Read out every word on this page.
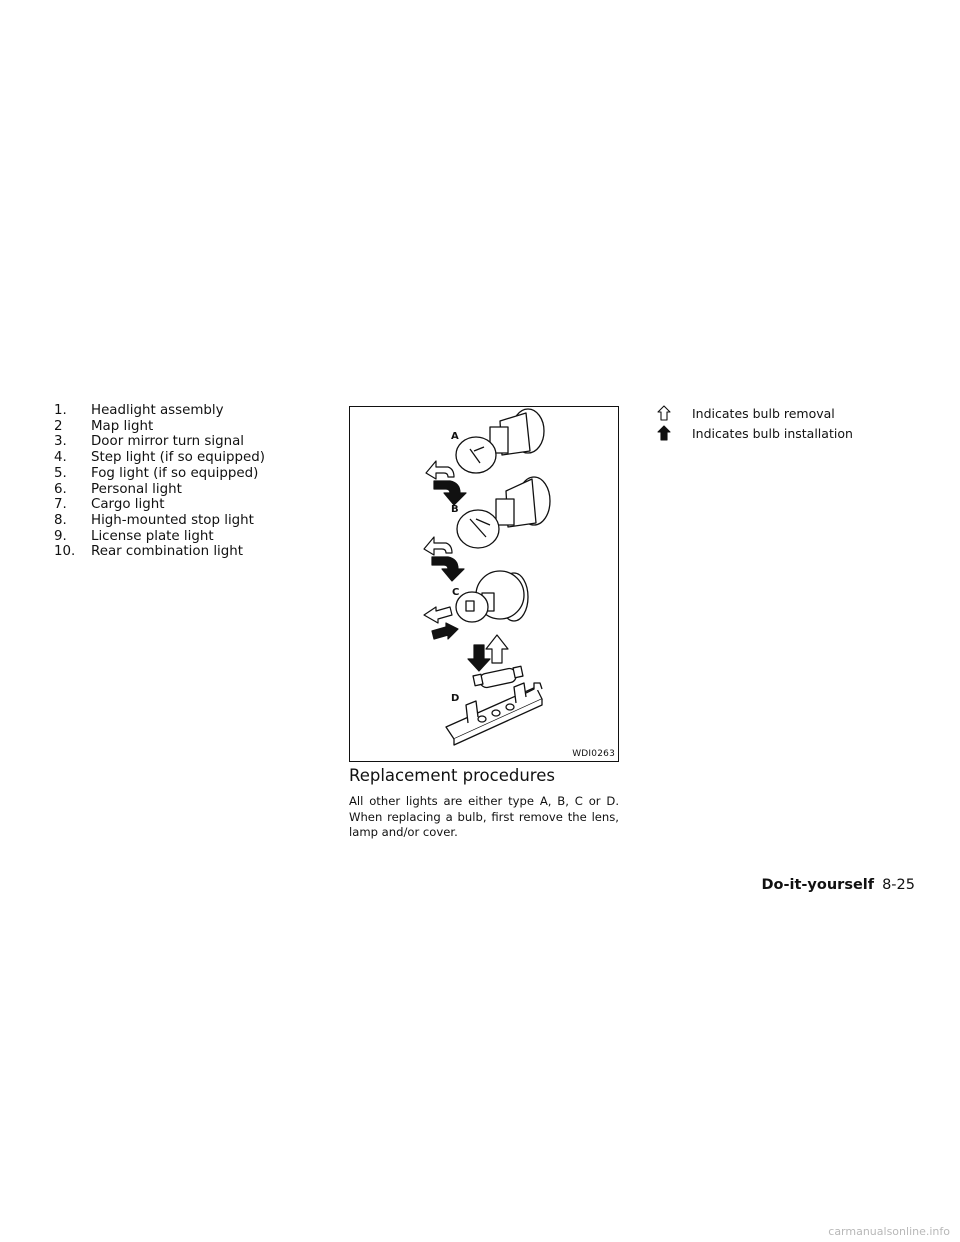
1. Headlight assembly
2 Map light
3. Door mirror turn signal
4. Step light (if so equipped)
5. Fog light (if so equipped)
6. Personal light
7. Cargo light
8. High-mounted stop light
9. License plate light
10. Rear combination light
A
B
C
D
WDI0263
Replacement procedures

All other lights are either type A, B, C or D. When replacing a bulb, first remove the lens, lamp and/or cover.

Indicates bulb removal
Indicates bulb installation
Do-it-yourself 8-25
carmanualsonline.info
